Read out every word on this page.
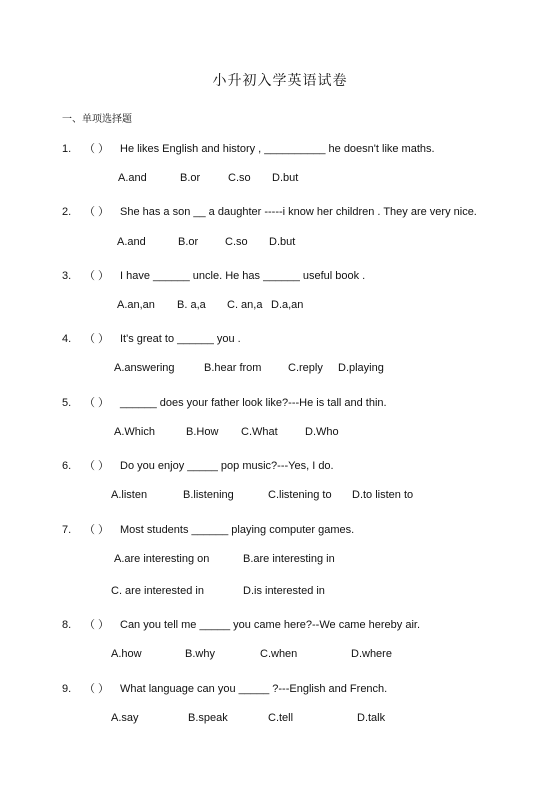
小升初入学英语试卷
一、单项选择题
1. （ ） He likes English and history , __________ he doesn't like maths.
A.and	B.or	C.so D.but
2. （ ） She has a son __ a daughter -----i know her children . They are very nice.
A.and	B.or C.so D.but
3. （ ） I have ______ uncle. He has ______ useful book .
A.an,an B. a,a C. an,a D.a,an
4. （ ） It's great to ______ you .
A.answering	B.hear from C.reply D.playing
5. （ ） ______ does your father look like?---He is tall and thin.
A.Which	B.How C.What D.Who
6. （ ） Do you enjoy _____ pop music?---Yes, I do.
A.listen	B.listening	C.listening to D.to listen to
7. （ ） Most students ______ playing computer games.
A.are interesting on	B.are interesting in
C. are interested in	D.is interested in
8. （ ） Can you tell me _____ you came here?--We came hereby air.
A.how	B.why	C.when	D.where
9. （ ） What language can you _____ ?---English and French.
A.say	B.speak	C.tell	D.talk
